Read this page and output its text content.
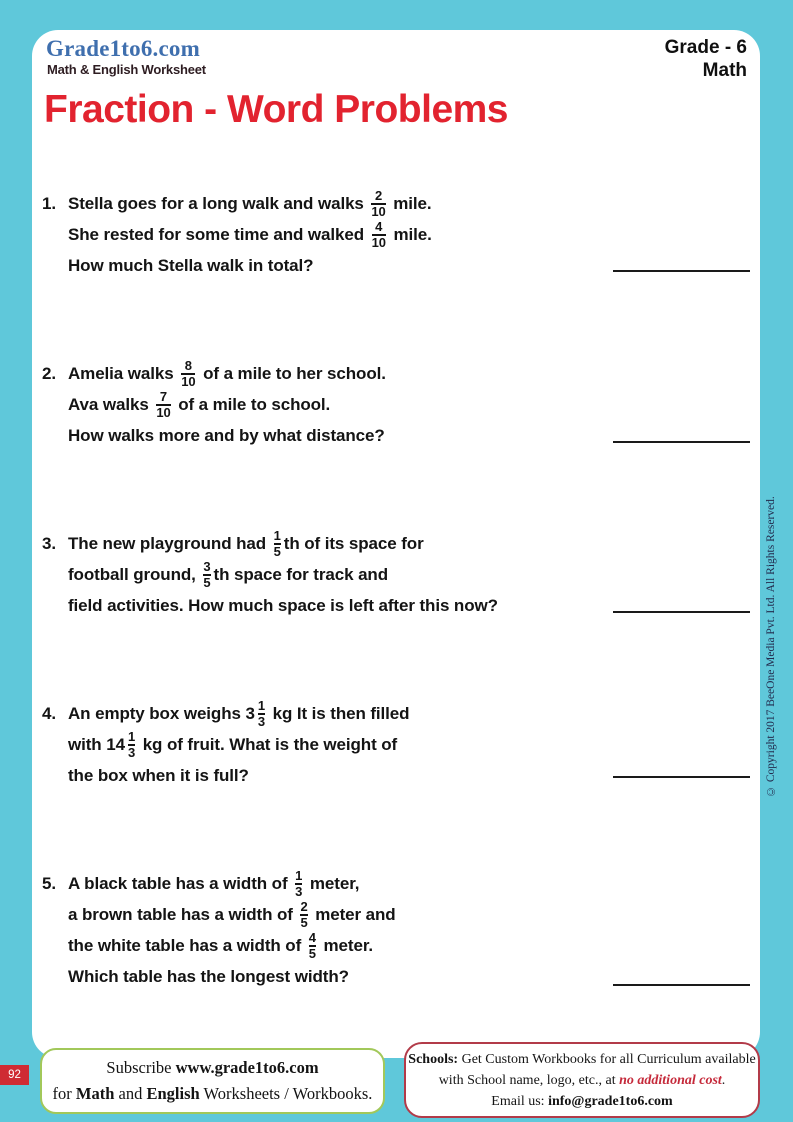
Grade1to6.com
Math & English Worksheet
Grade - 6
Math
Fraction - Word Problems
1. Stella goes for a long walk and walks $\frac{2}{10}$ mile.
She rested for some time and walked $\frac{4}{10}$ mile.
How much Stella walk in total?
2. Amelia walks $\frac{8}{10}$ of a mile to her school.
Ava walks $\frac{7}{10}$ of a mile to school.
How walks more and by what distance?
3. The new playground had $\frac{1}{5}$ th of its space for
football ground, $\frac{3}{5}$ th space for track and
field activities. How much space is left after this now?
4. An empty box weighs $3 \frac{1}{3}$ kg It is then filled
with $14 \frac{1}{3}$ kg of fruit. What is the weight of
the box when it is full?
5. A black table has a width of $\frac{1}{3}$ meter,
a brown table has a width of $\frac{2}{5}$ meter and
the white table has a width of $\frac{4}{5}$ meter.
Which table has the longest width?
© Copyright 2017 BeeOne Media Pvt. Ltd. All Rights Reserved.
92	Subscribe www.grade1to6.com
for Math and English Worksheets / Workbooks.
Schools: Get Custom Workbooks for all Curriculum available
with School name, logo, etc., at no additional cost.
Email us: info@grade1to6.com
